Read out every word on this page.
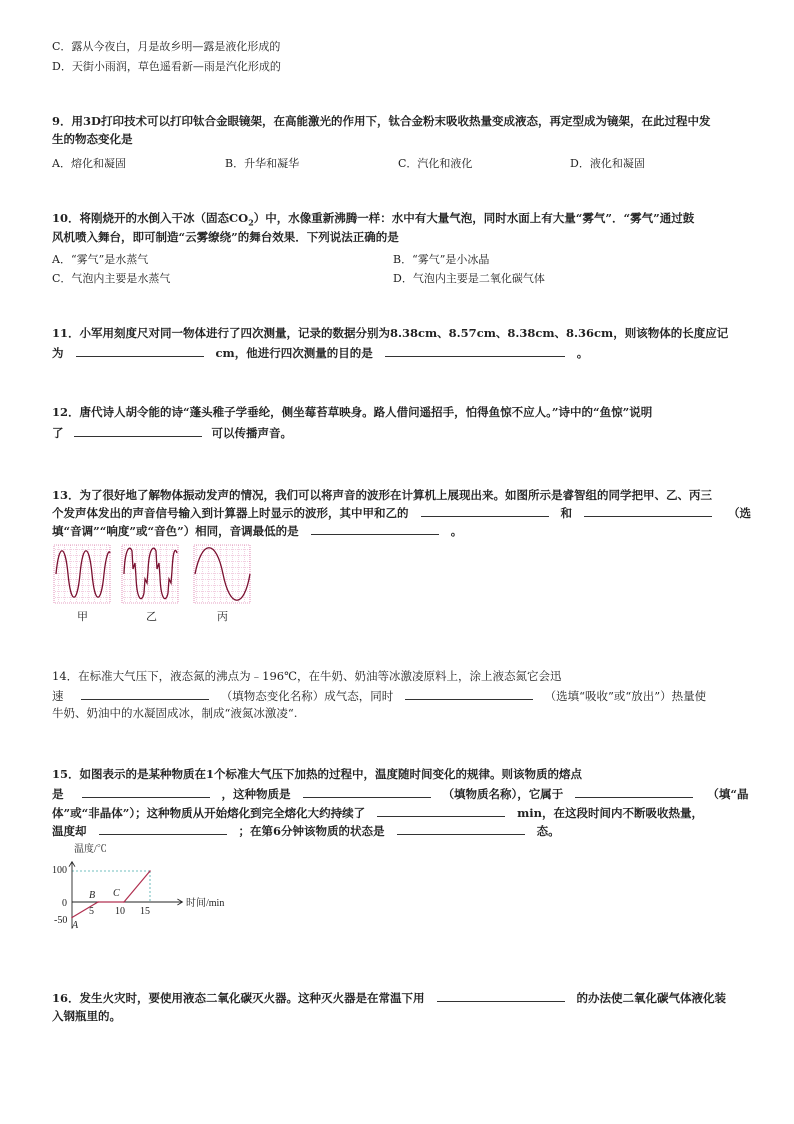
C．露从今夜白，月是故乡明—露是液化形成的
D．天街小雨润，草色遥看新—雨是汽化形成的
9．用3D打印技术可以打印钛合金眼镜架，在高能激光的作用下，钛合金粉末吸收热量变成液态，再定型成为镜架，在此过程中发
生的物态变化是
A．熔化和凝固	B．升华和凝华	C．汽化和液化	D．液化和凝固
10．将刚烧开的水倒入干冰（固态$CO_2$）中，水像重新沸腾一样：水中有大量气泡，同时水面上有大量“雾气”．“雾气”通过鼓
风机喷入舞台，即可制造“云雾缭绕”的舞台效果．下列说法正确的是
A．“雾气”是水蒸气	B．“雾气”是小冰晶
C．气泡内主要是水蒸气	D．气泡内主要是二氧化碳气体
11．小军用刻度尺对同一物体进行了四次测量，记录的数据分别为8.38cm、8.57cm、8.38cm、8.36cm，则该物体的长度应记
为	cm，他进行四次测量的目的是	。
12．唐代诗人胡令能的诗“蓬头稚子学垂纶，侧坐莓苔草映身。路人借问遥招手，怕得鱼惊不应人。”诗中的“鱼惊”说明
了	可以传播声音。
13．为了很好地了解物体振动发声的情况，我们可以将声音的波形在计算机上展现出来。如图所示是睿智组的同学把甲、乙、丙三
个发声体发出的声音信号输入到计算器上时显示的波形，其中甲和乙的	和	（选
填“音调”“响度”或“音色”）相同，音调最低的是	。
甲	乙	丙
14．在标准大气压下，液态氮的沸点为﹣196℃，在牛奶、奶油等冰激凌原料上，涂上液态氮它会迅
速	（填物态变化名称）成气态，同时	（选填“吸收”或“放出”）热量使
牛奶、奶油中的水凝固成冰，制成“液氮冰激凌“.
15．如图表示的是某种物质在1个标准大气压下加热的过程中，温度随时间变化的规律。则该物质的熔点
是	，这种物质是	（填物质名称），它属于	（填“晶
体”或“非晶体”）；这种物质从开始熔化到完全熔化大约持续了	min，在这段时间内不断吸收热量，
温度却	；在第6分钟该物质的状态是	态。
温度/℃
时间/min
100
0
-50
5 10 15
A
B C
16．发生火灾时，要使用液态二氧化碳灭火器。这种灭火器是在常温下用	的办法使二氧化碳气体液化装
入钢瓶里的。
